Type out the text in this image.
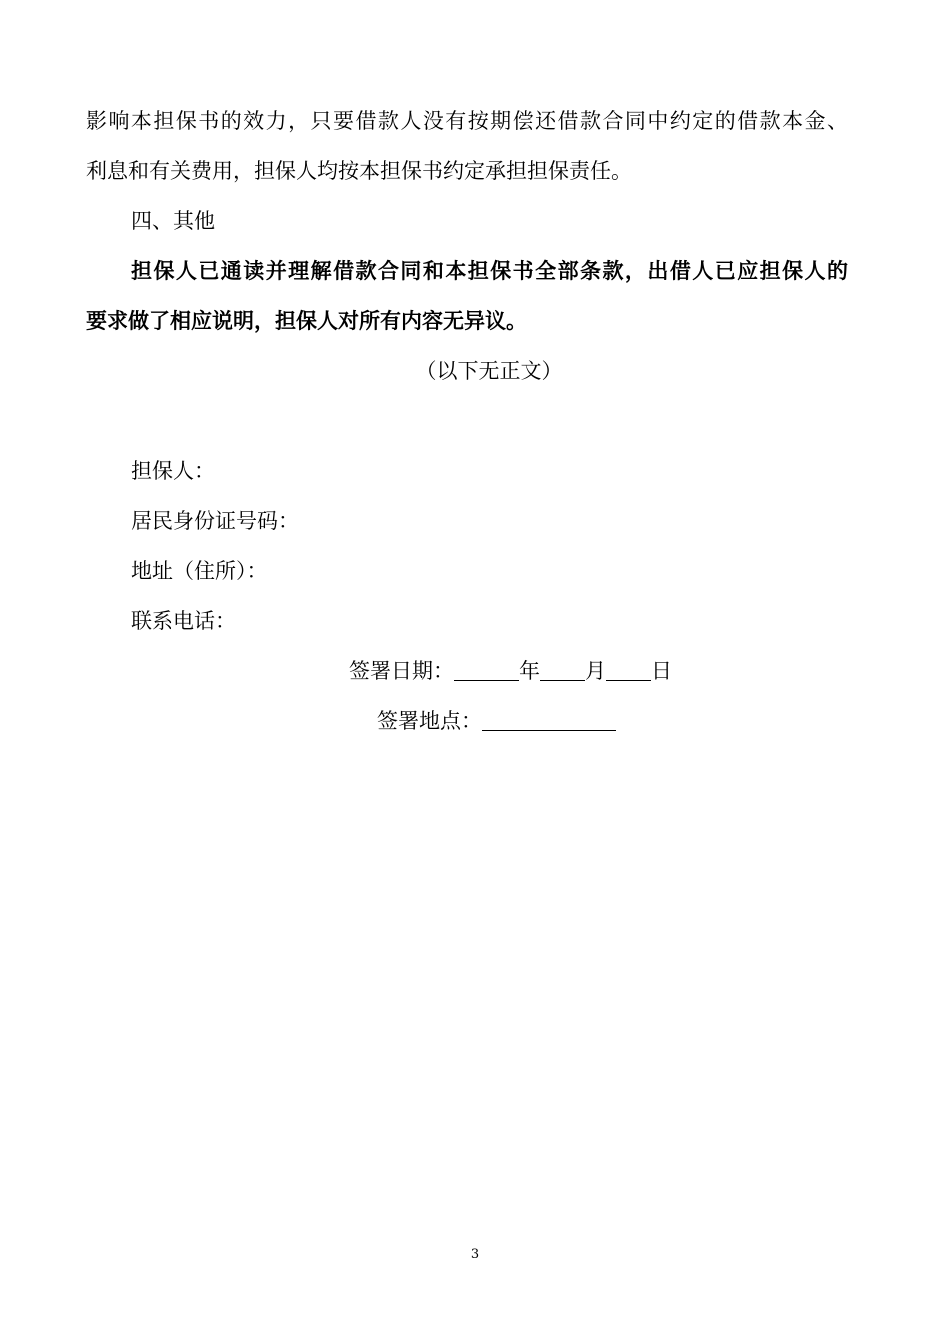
影响本担保书的效力，只要借款人没有按期偿还借款合同中约定的借款本金、
利息和有关费用，担保人均按本担保书约定承担担保责任。
四、其他
担保人已通读并理解借款合同和本担保书全部条款，出借人已应担保人的
要求做了相应说明，担保人对所有内容无异议。
（以下无正文）
担保人：
居民身份证号码：
地址（住所）：
联系电话：
签署日期：	年 月 日
签署地点：
3
